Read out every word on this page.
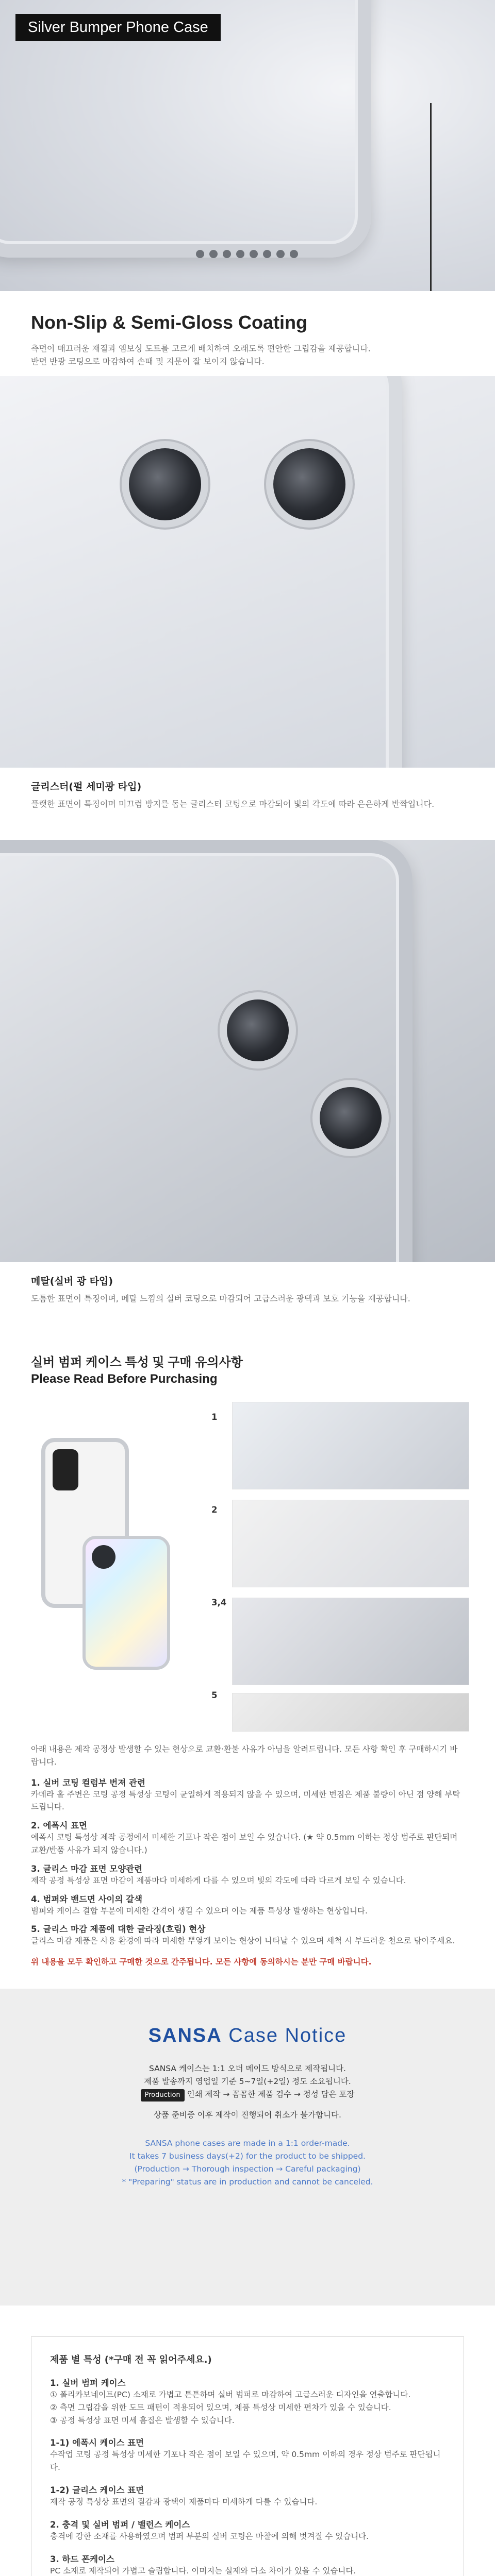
Silver Bumper Phone Case
Non-Slip & Semi-Gloss Coating

측면이 매끄러운 재질과 엠보싱 도트를 고르게 배치하여 오래도록 편안한 그립감을 제공합니다.

반면 반광 코팅으로 마감하여 손때 및 지문이 잘 보이지 않습니다.

글리스터(펄 세미광 타입)

플랫한 표면이 특징이며 미끄럼 방지를 돕는 글리스터 코팅으로 마감되어 빛의 각도에 따라 은은하게 반짝입니다.

메탈(실버 광 타입)

도톰한 표면이 특징이며, 메탈 느낌의 실버 코팅으로 마감되어 고급스러운 광택과 보호 기능을 제공합니다.

실버 범퍼 케이스 특성 및 구매 유의사항
Please Read Before Purchasing
1
2
3,4
5

아래 내용은 제작 공정상 발생할 수 있는 현상으로 교환·환불 사유가 아님을 알려드립니다. 모든 사항 확인 후 구매하시기 바랍니다.

1. 실버 코팅 컬럼부 번져 관련

카메라 홀 주변은 코팅 공정 특성상 코팅이 균일하게 적용되지 않을 수 있으며, 미세한 번짐은 제품 불량이 아닌 점 양해 부탁드립니다.

2. 에폭시 표면

에폭시 코팅 특성상 제작 공정에서 미세한 기포나 작은 점이 보일 수 있습니다. (★ 약 0.5mm 이하는 정상 범주로 판단되며 교환/반품 사유가 되지 않습니다.)

3. 글리스 마감 표면 모양관련

제작 공정 특성상 표면 마감이 제품마다 미세하게 다를 수 있으며 빛의 각도에 따라 다르게 보일 수 있습니다.

4. 범퍼와 밴드면 사이의 갈색

범퍼와 케이스 결합 부분에 미세한 간격이 생길 수 있으며 이는 제품 특성상 발생하는 현상입니다.

5. 글리스 마감 제품에 대한 글라징(흐림) 현상

글리스 마감 제품은 사용 환경에 따라 미세한 뿌옇게 보이는 현상이 나타날 수 있으며 세척 시 부드러운 천으로 닦아주세요.

위 내용을 모두 확인하고 구매한 것으로 간주됩니다. 모든 사항에 동의하시는 분만 구매 바랍니다.

SANSA Case Notice

SANSA 케이스는 1:1 오더 메이드 방식으로 제작됩니다.

제품 발송까지 영업일 기준 5~7일(+2일) 정도 소요됩니다.

Production 인쇄 제작 → 꼼꼼한 제품 검수 → 정성 담은 포장

상품 준비중 이후 제작이 진행되어 취소가 불가합니다.

SANSA phone cases are made in a 1:1 order-made.

It takes 7 business days(+2) for the product to be shipped.

(Production → Thorough inspection → Careful packaging)

* "Preparing" status are in production and cannot be canceled.

제품 별 특성 (*구매 전 꼭 읽어주세요.)
1. 실버 범퍼 케이스

① 폴리카보네이트(PC) 소재로 가볍고 튼튼하며 실버 범퍼로 마감하여 고급스러운 디자인을 연출합니다.
② 측면 그립감을 위한 도트 패턴이 적용되어 있으며, 제품 특성상 미세한 편차가 있을 수 있습니다.
③ 공정 특성상 표면 미세 흠집은 발생할 수 있습니다.

1-1) 에폭시 케이스 표면

수작업 코팅 공정 특성상 미세한 기포나 작은 점이 보일 수 있으며, 약 0.5mm 이하의 경우 정상 범주로 판단됩니다.

1-2) 글리스 케이스 표면

제작 공정 특성상 표면의 질감과 광택이 제품마다 미세하게 다를 수 있습니다.

2. 충격 및 실버 범퍼 / 밸런스 케이스

충격에 강한 소재를 사용하였으며 범퍼 부분의 실버 코팅은 마찰에 의해 벗겨질 수 있습니다.

3. 하드 폰케이스

PC 소재로 제작되어 가볍고 슬림합니다. 이미지는 실제와 다소 차이가 있을 수 있습니다.
